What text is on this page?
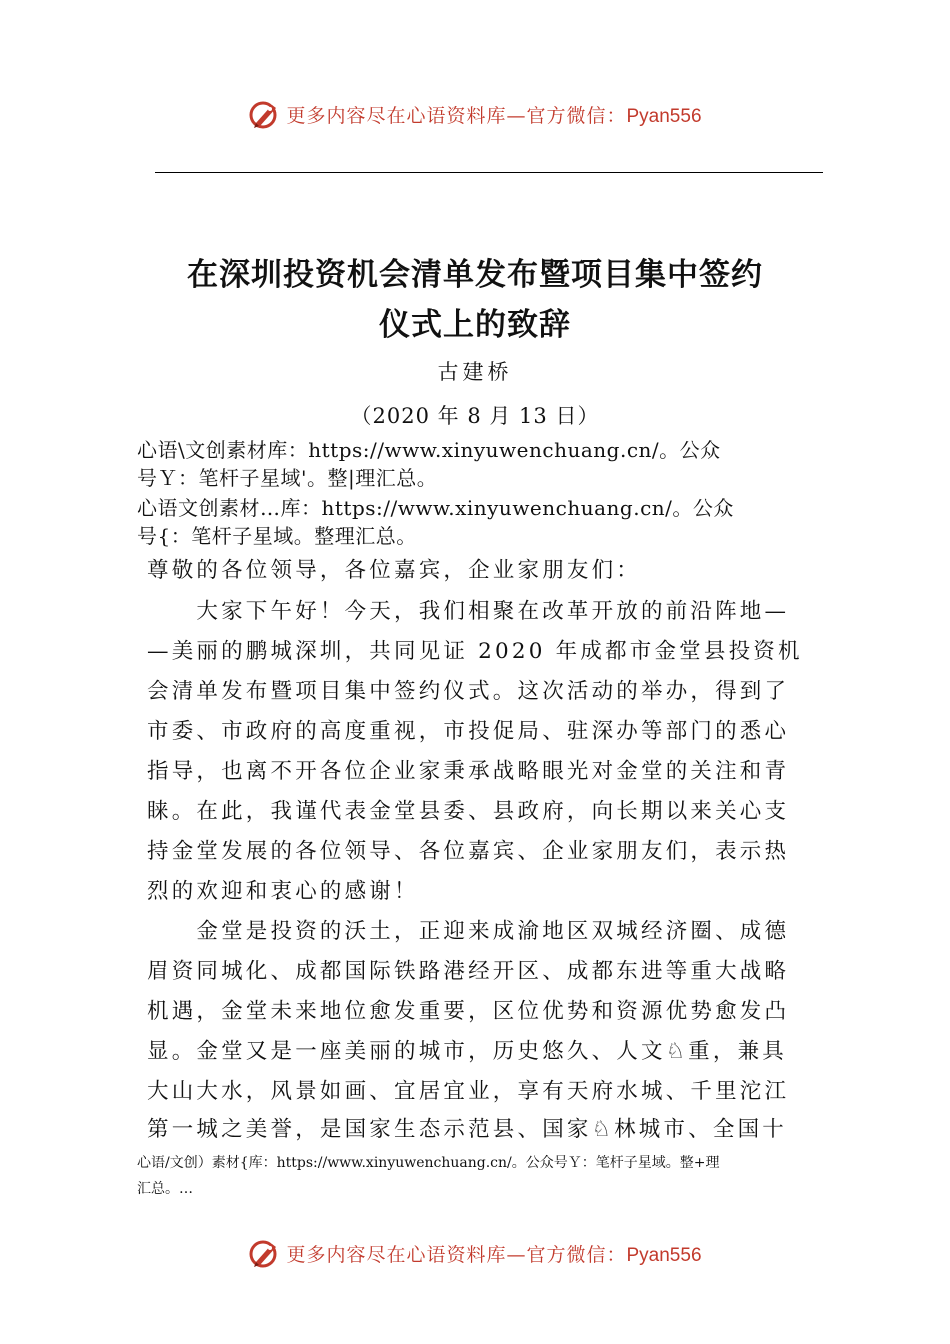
更多内容尽在心语资料库—官方微信：Pyan556
在深圳投资机会清单发布暨项目集中签约
仪式上的致辞
古建桥
（2020 年 8 月 13 日）
心语\文创素材库：https://www.xinyuwenchuang.cn/。公众
号Ｙ：笔杆子星域'。整|理汇总。
心语文创素材…库：https://www.xinyuwenchuang.cn/。公众
号{：笔杆子星域。整理汇总。
尊敬的各位领导，各位嘉宾，企业家朋友们：
　　大家下午好！今天，我们相聚在改革开放的前沿阵地—
—美丽的鹏城深圳，共同见证 2020 年成都市金堂县投资机
会清单发布暨项目集中签约仪式。这次活动的举办，得到了
市委、市政府的高度重视，市投促局、驻深办等部门的悉心
指导，也离不开各位企业家秉承战略眼光对金堂的关注和青
睐。在此，我谨代表金堂县委、县政府，向长期以来关心支
持金堂发展的各位领导、各位嘉宾、企业家朋友们，表示热
烈的欢迎和衷心的感谢！
　　金堂是投资的沃土，正迎来成渝地区双城经济圈、成德
眉资同城化、成都国际铁路港经开区、成都东进等重大战略
机遇，金堂未来地位愈发重要，区位优势和资源优势愈发凸
显。金堂又是一座美丽的城市，历史悠久、人文♘重，兼具
大山大水，风景如画、宜居宜业，享有天府水城、千里沱江
第一城之美誉，是国家生态示范县、国家♘林城市、全国十
心语/文创）素材{库：https://www.xinyuwenchuang.cn/。公众号Ｙ：笔杆子星域。整+理
汇总。…
更多内容尽在心语资料库—官方微信：Pyan556
